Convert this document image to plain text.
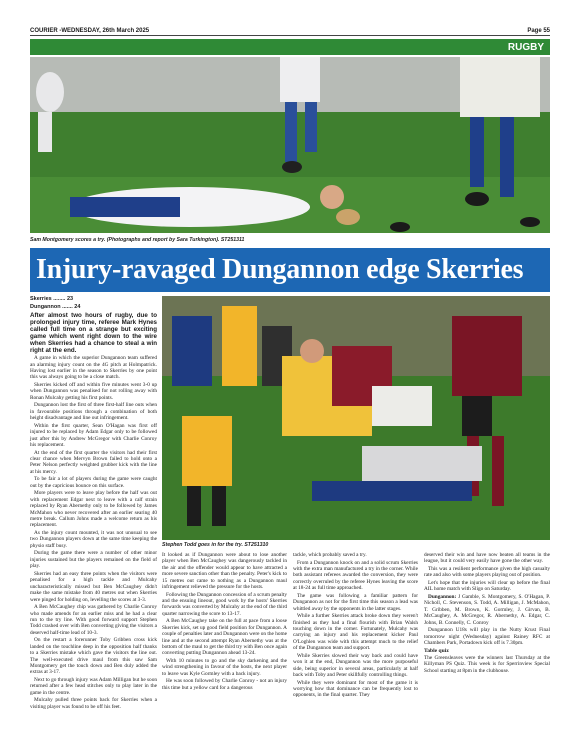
COURIER -WEDNESDAY, 26th March 2025	Page 55
RUGBY
Sam Montgomery scores a try. (Photographs and report by Sara Turkington). ST251311
Injury-ravaged Dungannon edge Skerries
Stephen Todd goes in for the try. ST251310
Skerries ........ 23
Dungannon ....... 24

After almost two hours of rugby, due to prolonged injury time, referee Mark Hynes called full time on a strange but exciting game which went right down to the wire when Skerries had a chance to steal a win right at the end.

A game in which the superior Dungannon team suffered an alarming injury count on the 4G pitch at Holmpatrick. Having lost earlier in the season to Skerries by one point this was always going to be a close match.

Skerries kicked off and within five minutes went 3-0 up when Dungannon was penalised for not rolling away with Ronan Mulcahy getting his first points.

Dungannon lost the first of three first-half line outs when in favourable positions through a combination of both height disadvantage and line out infringement.

Within the first quarter, Sean O'Hagan was first off injured to be replaced by Adam Edgar only to be followed just after this by Andrew McGregor with Charlie Conroy his replacement.

At the end of the first quarter the visitors had their first clear chance when Mervyn Brown failed to hold onto a Peter Nelson perfectly weighted grubber kick with the line at his mercy.

To be fair a lot of players during the game were caught out by the capricious bounce on this surface.

More players were to leave play before the half was out with replacement Edgar next to leave with a calf strain replaced by Ryan Abernethy only to be followed by James McMahon who never recovered after an earlier searing 40 metre break. Callum Johns made a welcome return as his replacement.

As the injury count mounted, it was not unusual to see two Dungannon players down at the same time keeping the physio staff busy.

During the game there were a number of other minor injuries sustained but the players remained on the field of play.

Skerries had an easy three points when the visitors were penalised for a high tackle and Mulcahy uncharacteristically missed but Ben McCaughey didn't make the same mistake from 40 metres out when Skerries were pinged for holding on, levelling the scores at 3-3.

A Ben McCaughey chip was gathered by Charlie Conroy who made amends for an earlier miss and he had a clear run to the try line. With good forward support Stephen Todd crashed over with Ben converting giving the visitors a deserved half-time lead of 10-3.

On the restart a forerunner Toby Gribben cross kick landed on the touchline deep in the opposition half thanks to a Skerries mistake which gave the visitors the line out. The well-executed drive maul from this saw Sam Montgomery get the touch down and Ben duly added the extras at 3-17.

Next to go through injury was Adam Milligan but he soon returned after a few head stitches only to play later in the game in the centre.

Mulcahy pulled three points back for Skerries when a visiting player was found to be off his feet.

It looked as if Dungannon were about to lose another player when Ben McCaughey was dangerously tackled in the air and the offender would appear to have attracted a more severe sanction other than the penalty. Peter's kick to 15 metres out came to nothing as a Dungannon maul infringement relieved the pressure for the hosts.

Following the Dungannon concession of a scrum penalty and the ensuing lineout, good work by the hosts' Skerries forwards was converted by Mulcahy at the end of the third quarter narrowing the score to 13-17.

A Ben McCaughey take on the full at pace from a loose Skerries kick, set up good field position for Dungannon. A couple of penalties later and Dungannon were on the home line and at the second attempt Ryan Abernethy was at the bottom of the maul to get the third try with Ben once again converting putting Dungannon ahead 13-24.

With 10 minutes to go and the sky darkening and the wind strengthening in favour of the hosts, the next player to leave was Kyle Gormley with a back injury.

He was soon followed by Charlie Conroy - not an injury this time but a yellow card for a dangerous

tackle, which probably saved a try.

From a Dungannon knock on and a solid scrum Skerries with the extra man manufactured a try in the corner. While both assistant referees awarded the conversion, they were correctly overruled by the referee Hynes leaving the score at 18-24 as full time approached.

The game was following a familiar pattern for Dungannon as not for the first time this season a lead was whittled away by the opponents in the latter stages.

While a further Skerries attack broke down they weren't finished as they had a final flourish with Brian Walsh touching down in the corner. Fortunately, Mulcahy was carrying an injury and his replacement kicker Paul O'Loghlen was wide with this attempt much to the relief of the Dungannon team and support.

While Skerries slowed their way back and could have won it at the end, Dungannon was the more purposeful side, being superior in several areas, particularly at half back with Toby and Peter skillfully controlling things.

While they were dominant for most of the game it is worrying how that dominance can be frequently lost to opponents, in the final quarter. They

deserved their win and have now beaten all teams in the league, but it could very easily have gone the other way.

This was a resilient performance given the high casualty rate and also with some players playing out of position.

Let's hope that the injuries will clear up before the final AIL home match with Sligo on Saturday.

Dungannon: J Gamble, S. Montgomery, S. O'Hagan, P. Nicholl, C. Stevenson, S. Todd, A. Milligan, J. McMahon, T. Gribben, M. Brown, K. Gormley, J. Girvan, B. McCaughey, A. McGregor, R. Abernethy, A. Edgar, C. Johns, B. Connelly, C. Conroy

Dungannon U18s will play in the Nutty Krust Final tomorrow night (Wednesday) against Rainey RFC at Chambers Park, Portadown kick off is 7.30pm.

Table quiz

The Greensleaves were the winners last Thursday at the Killyman PS Quiz. This week is for Sperrinview Special School starting at 8pm in the clubhouse.
